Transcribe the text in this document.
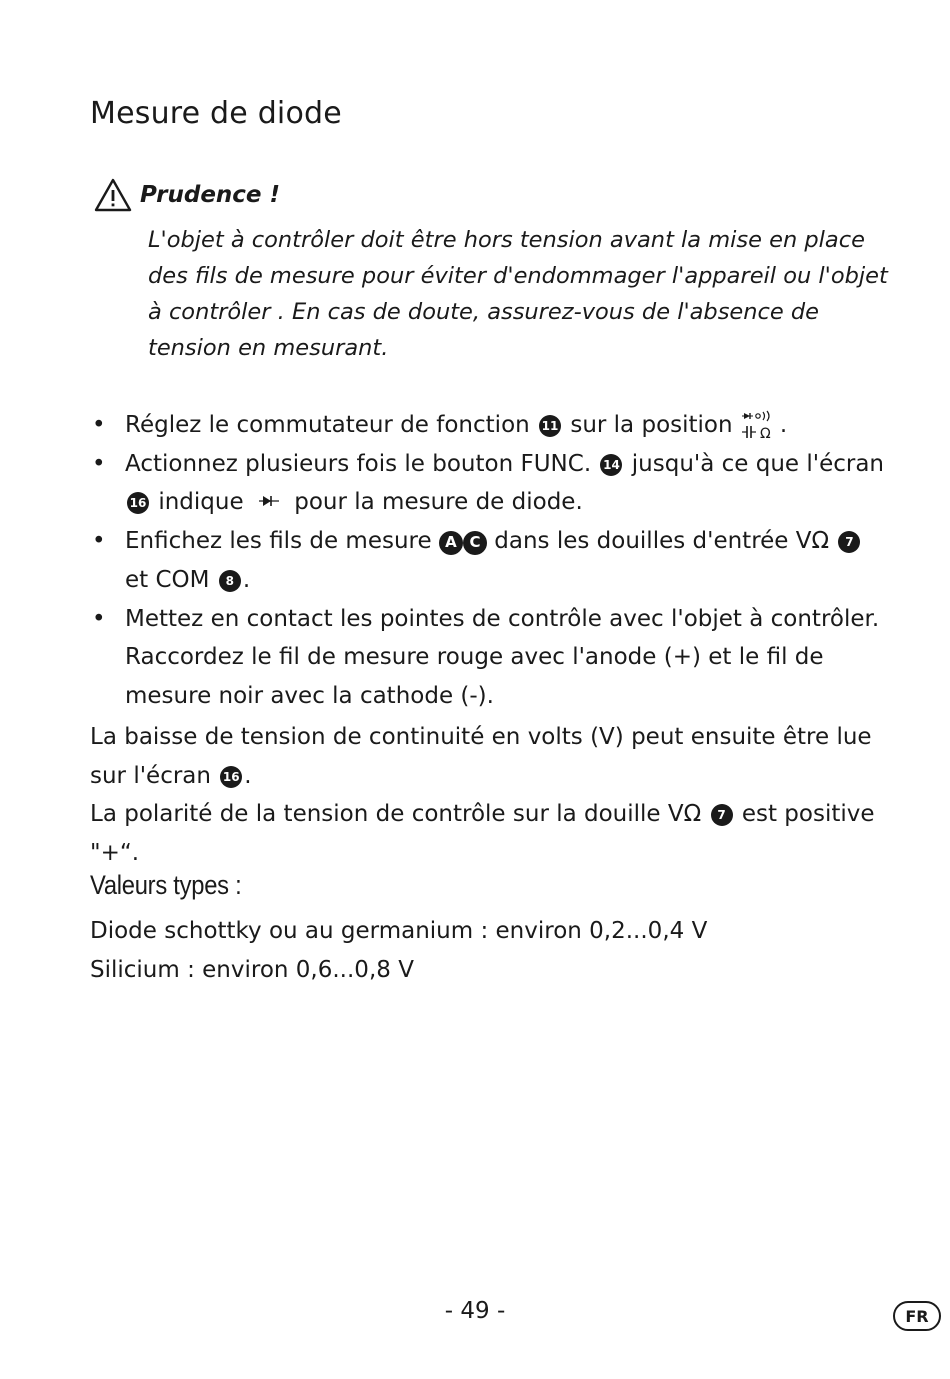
Mesure de diode
Prudence !

L'objet à contrôler doit être hors tension avant la mise en place des fils de mesure pour éviter d'endommager l'appareil ou l'objet à contrôler . En cas de doute, assurez-vous de l'absence de tension en mesurant.

• Réglez le commutateur de fonction 11 sur la position Ω .
• Actionnez plusieurs fois le bouton FUNC. 14 jusqu'à ce que l'écran 16 indique pour la mesure de diode.
• Enfichez les fils de mesure A C dans les douilles d'entrée VΩ 7  et COM 8 .
• Mettez en contact les pointes de contrôle avec l'objet à contrôler. Raccordez le fil de mesure rouge avec l'anode (+) et le fil de mesure noir avec la cathode (-).

La baisse de tension de continuité en volts (V) peut ensuite être lue sur l'écran 16 .

La polarité de la tension de contrôle sur la douille VΩ 7 est positive "+“.

Valeurs types :
Diode schottky ou au germanium : environ 0,2...0,4 V
Silicium : environ 0,6...0,8 V
- 49 -	FR
